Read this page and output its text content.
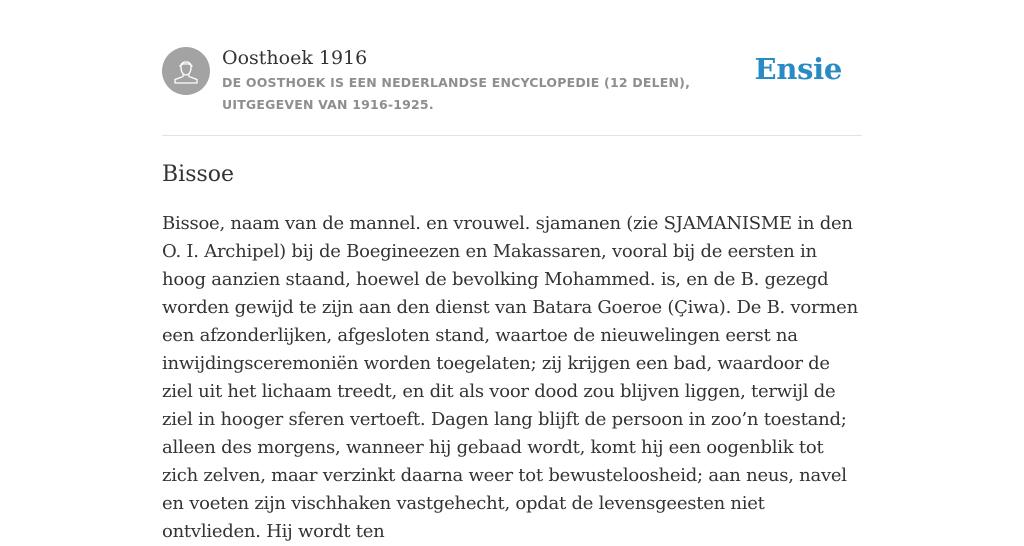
Oosthoek 1916

DE OOSTHOEK IS EEN NEDERLANDSE ENCYCLOPEDIE (12 DELEN), UITGEGEVEN VAN 1916-1925.

Ensie
Bissoe

Bissoe, naam van de mannel. en vrouwel. sjamanen (zie SJAMANISME in den O. I. Archipel) bij de Boegineezen en Makassaren, vooral bij de eersten in hoog aanzien staand, hoewel de bevolking Mohammed. is, en de B. gezegd worden gewijd te zijn aan den dienst van Batara Goeroe (Çiwa). De B. vormen een afzonderlijken, afgesloten stand, waartoe de nieuwelingen eerst na inwijdingsceremoniën worden toegelaten; zij krijgen een bad, waardoor de ziel uit het lichaam treedt, en dit als voor dood zou blijven liggen, terwijl de ziel in hooger sferen vertoeft. Dagen lang blijft de persoon in zoo’n toestand; alleen des morgens, wanneer hij gebaad wordt, komt hij een oogenblik tot zich zelven, maar verzinkt daarna weer tot bewusteloosheid; aan neus, navel en voeten zijn vischhaken vastgehecht, opdat de levensgeesten niet ontvlieden. Hij wordt ten
